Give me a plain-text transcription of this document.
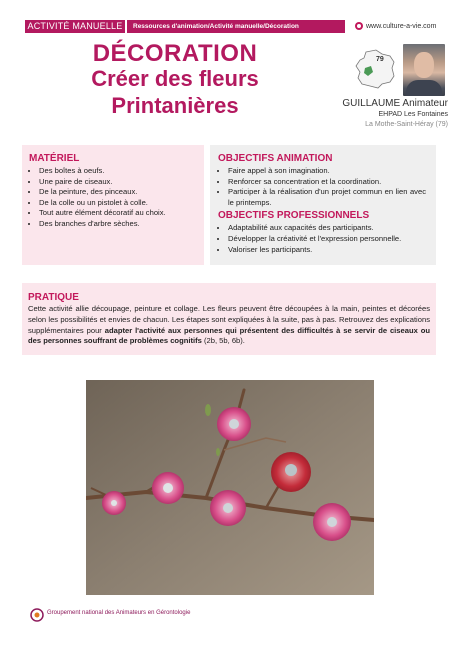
ACTIVITÉ MANUELLE	Ressources d'animation/Activité manuelle/Décoration	www.culture-a-vie.com
DÉCORATION
Créer des fleurs
Printanières
79
GUILLAUME Animateur
EHPAD Les Fontaines
La Mothe-Saint-Héray (79)

MATÉRIEL

• Des boîtes à oeufs.
• Une paire de ciseaux.
• De la peinture, des pinceaux.
• De la colle ou un pistolet à colle.
• Tout autre élément décoratif au choix.
• Des branches d'arbre sèches.

OBJECTIFS ANIMATION

• Faire appel à son imagination.
• Renforcer sa concentration et la coordination.
• Participer à la réalisation d'un projet commun en lien avec le printemps.

OBJECTIFS PROFESSIONNELS

• Adaptabilité aux capacités des participants.
• Développer la créativité et l'expression personnelle.
• Valoriser les participants.

PRATIQUE

Cette activité allie découpage, peinture et collage. Les fleurs peuvent être découpées à la main, peintes et décorées selon les possibilités et envies de chacun. Les étapes sont expliquées à la suite, pas à pas. Retrouvez des explications supplémentaires pour adapter l'activité aux personnes qui présentent des difficultés à se servir de ciseaux ou des personnes souffrant de problèmes cognitifs (2b, 5b, 6b).

Groupement national des Animateurs en Gérontologie
